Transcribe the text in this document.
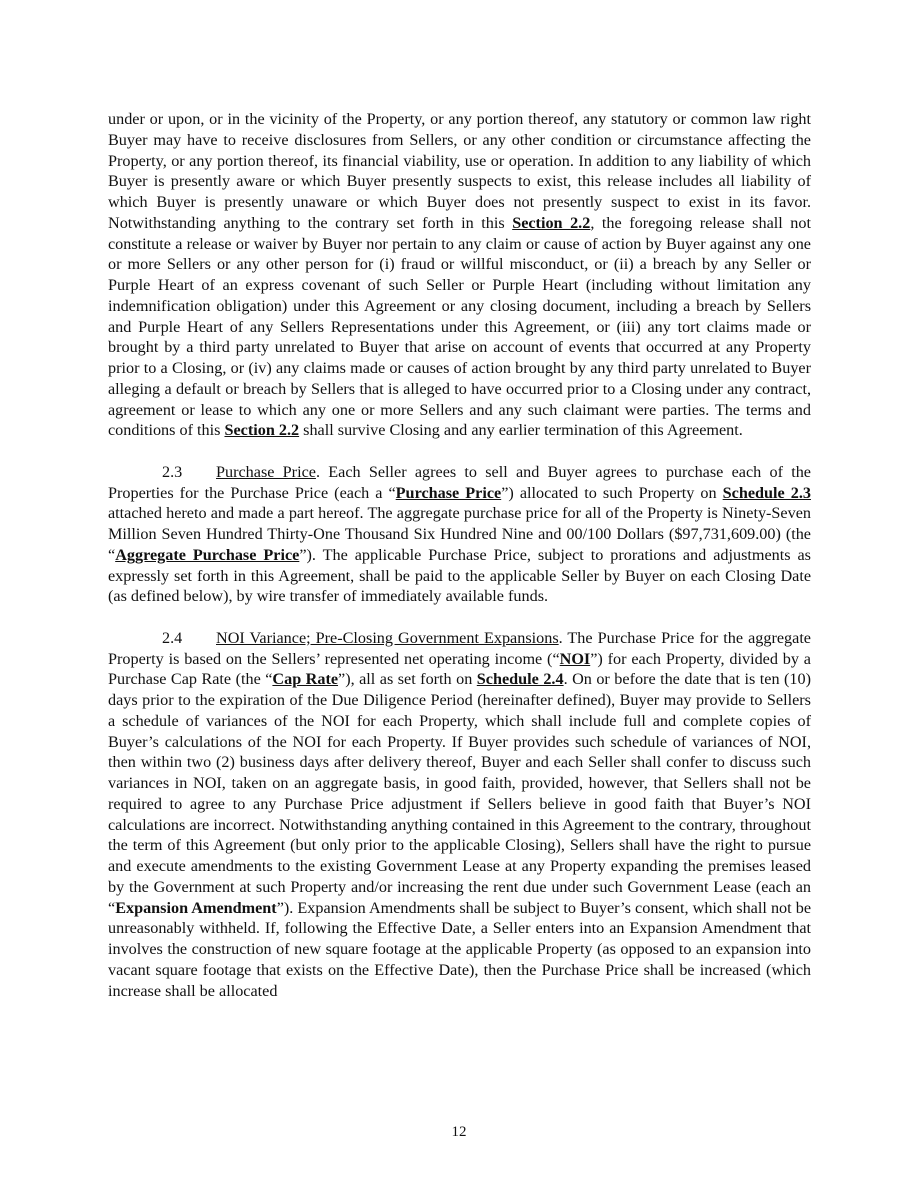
under or upon, or in the vicinity of the Property, or any portion thereof, any statutory or common law right Buyer may have to receive disclosures from Sellers, or any other condition or circumstance affecting the Property, or any portion thereof, its financial viability, use or operation. In addition to any liability of which Buyer is presently aware or which Buyer presently suspects to exist, this release includes all liability of which Buyer is presently unaware or which Buyer does not presently suspect to exist in its favor. Notwithstanding anything to the contrary set forth in this Section 2.2, the foregoing release shall not constitute a release or waiver by Buyer nor pertain to any claim or cause of action by Buyer against any one or more Sellers or any other person for (i) fraud or willful misconduct, or (ii) a breach by any Seller or Purple Heart of an express covenant of such Seller or Purple Heart (including without limitation any indemnification obligation) under this Agreement or any closing document, including a breach by Sellers and Purple Heart of any Sellers Representations under this Agreement, or (iii) any tort claims made or brought by a third party unrelated to Buyer that arise on account of events that occurred at any Property prior to a Closing, or (iv) any claims made or causes of action brought by any third party unrelated to Buyer alleging a default or breach by Sellers that is alleged to have occurred prior to a Closing under any contract, agreement or lease to which any one or more Sellers and any such claimant were parties. The terms and conditions of this Section 2.2 shall survive Closing and any earlier termination of this Agreement.

2.3 Purchase Price. Each Seller agrees to sell and Buyer agrees to purchase each of the Properties for the Purchase Price (each a “Purchase Price”) allocated to such Property on Schedule 2.3 attached hereto and made a part hereof. The aggregate purchase price for all of the Property is Ninety-Seven Million Seven Hundred Thirty-One Thousand Six Hundred Nine and 00/100 Dollars ($97,731,609.00) (the “Aggregate Purchase Price”). The applicable Purchase Price, subject to prorations and adjustments as expressly set forth in this Agreement, shall be paid to the applicable Seller by Buyer on each Closing Date (as defined below), by wire transfer of immediately available funds.

2.4 NOI Variance; Pre-Closing Government Expansions. The Purchase Price for the aggregate Property is based on the Sellers’ represented net operating income (“NOI”) for each Property, divided by a Purchase Cap Rate (the “Cap Rate”), all as set forth on Schedule 2.4. On or before the date that is ten (10) days prior to the expiration of the Due Diligence Period (hereinafter defined), Buyer may provide to Sellers a schedule of variances of the NOI for each Property, which shall include full and complete copies of Buyer’s calculations of the NOI for each Property. If Buyer provides such schedule of variances of NOI, then within two (2) business days after delivery thereof, Buyer and each Seller shall confer to discuss such variances in NOI, taken on an aggregate basis, in good faith, provided, however, that Sellers shall not be required to agree to any Purchase Price adjustment if Sellers believe in good faith that Buyer’s NOI calculations are incorrect. Notwithstanding anything contained in this Agreement to the contrary, throughout the term of this Agreement (but only prior to the applicable Closing), Sellers shall have the right to pursue and execute amendments to the existing Government Lease at any Property expanding the premises leased by the Government at such Property and/or increasing the rent due under such Government Lease (each an “Expansion Amendment”). Expansion Amendments shall be subject to Buyer’s consent, which shall not be unreasonably withheld. If, following the Effective Date, a Seller enters into an Expansion Amendment that involves the construction of new square footage at the applicable Property (as opposed to an expansion into vacant square footage that exists on the Effective Date), then the Purchase Price shall be increased (which increase shall be allocated

12
